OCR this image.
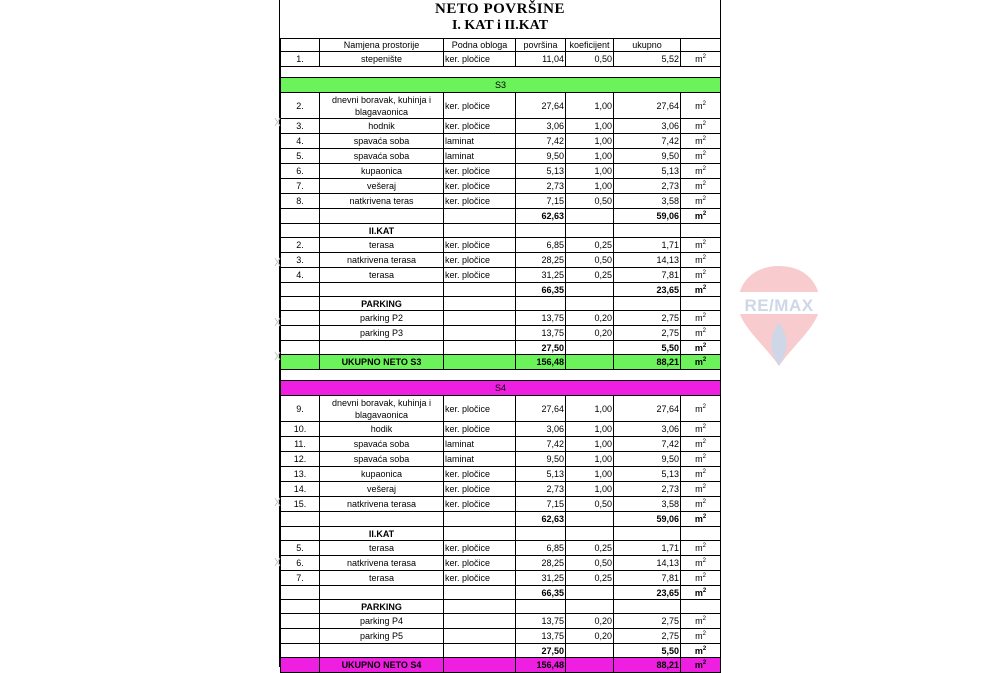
NETO POVRŠINE
I. KAT i II.KAT
	Namjena prostorije	Podna obloga	površina	koeficijent	ukupno	
1.	stepenište	ker. pločice	11,04	0,50	5,52	$m^2$

S3						
2.	dnevni boravak, kuhinja i blagavaonica	ker. pločice	27,64	1,00	27,64	$m^2$
3.	hodnik	ker. pločice	3,06	1,00	3,06	$m^2$
4.	spavaća soba	laminat	7,42	1,00	7,42	$m^2$
5.	spavaća soba	laminat	9,50	1,00	9,50	$m^2$
6.	kupaonica	ker. pločice	5,13	1,00	5,13	$m^2$
7.	vešeraj	ker. pločice	2,73	1,00	2,73	$m^2$
8.	natkrivena teras	ker. pločice	7,15	0,50	3,58	$m^2$
			62,63		59,06	$m^2$
	II.KAT					
2.	terasa	ker. pločice	6,85	0,25	1,71	$m^2$
3.	natkrivena terasa	ker. pločice	28,25	0,50	14,13	$m^2$
4.	terasa	ker. pločice	31,25	0,25	7,81	$m^2$
			66,35		23,65	$m^2$
	PARKING					
	parking P2		13,75	0,20	2,75	$m^2$
	parking P3		13,75	0,20	2,75	$m^2$
			27,50		5,50	$m^2$
	UKUPNO NETO S3		156,48		88,21	$m^2$

S4						
9.	dnevni boravak, kuhinja i blagavaonica	ker. pločice	27,64	1,00	27,64	$m^2$
10.	hodik	ker. pločice	3,06	1,00	3,06	$m^2$
11.	spavaća soba	laminat	7,42	1,00	7,42	$m^2$
12.	spavaća soba	laminat	9,50	1,00	9,50	$m^2$
13.	kupaonica	ker. pločice	5,13	1,00	5,13	$m^2$
14.	vešeraj	ker. pločice	2,73	1,00	2,73	$m^2$
15.	natkrivena terasa	ker. pločice	7,15	0,50	3,58	$m^2$
			62,63		59,06	$m^2$
	II.KAT					
5.	terasa	ker. pločice	6,85	0,25	1,71	$m^2$
6.	natkrivena terasa	ker. pločice	28,25	0,50	14,13	$m^2$
7.	terasa	ker. pločice	31,25	0,25	7,81	$m^2$
			66,35		23,65	$m^2$
	PARKING					
	parking P4		13,75	0,20	2,75	$m^2$
	parking P5		13,75	0,20	2,75	$m^2$
			27,50		5,50	$m^2$
	UKUPNO NETO S4		156,48		88,21	$m^2$
RE/MAX
